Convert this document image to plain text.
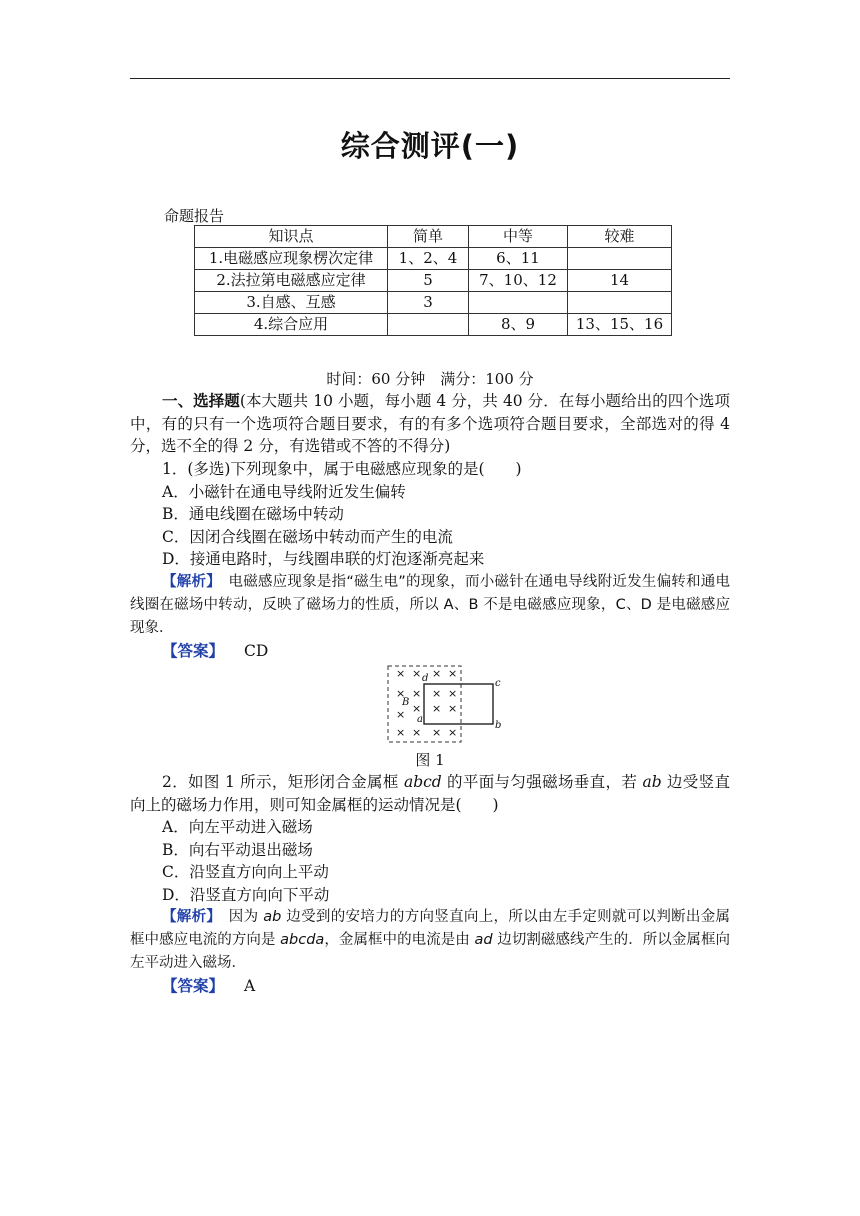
综合测评(一)
命题报告
知识点	简单	中等	较难
1.电磁感应现象楞次定律	1、2、4	6、11	
2.法拉第电磁感应定律	5	7、10、12	14
3.自感、互感	3		
4.综合应用		8、9	13、15、16
时间：60 分钟　满分：100 分
一、选择题(本大题共 10 小题，每小题 4 分，共 40 分．在每小题给出的四个选项中，有的只有一个选项符合题目要求，有的有多个选项符合题目要求，全部选对的得 4 分，选不全的得 2 分，有选错或不答的不得分)
1．(多选)下列现象中，属于电磁感应现象的是(　　)
A．小磁针在通电导线附近发生偏转
B．通电线圈在磁场中转动
C．因闭合线圈在磁场中转动而产生的电流
D．接通电路时，与线圈串联的灯泡逐渐亮起来
【解析】　 电磁感应现象是指“磁生电”的现象，而小磁针在通电导线附近发生偏转和通电线圈在磁场中转动，反映了磁场力的性质，所以 A、B 不是电磁感应现象，C、D 是电磁感应现象．
【答案】 CD
× × × ×
× × × ×
× × ×
×
× × ×
×
d	c
b
a
B
图 1
2．如图 1 所示，矩形闭合金属框 abcd 的平面与匀强磁场垂直，若 ab 边受竖直向上的磁场力作用，则可知金属框的运动情况是(　　)
A．向左平动进入磁场
B．向右平动退出磁场
C．沿竖直方向向上平动
D．沿竖直方向向下平动
【解析】　 因为 ab 边受到的安培力的方向竖直向上，所以由左手定则就可以判断出金属框中感应电流的方向是 abcda，金属框中的电流是由 ad 边切割磁感线产生的．所以金属框向左平动进入磁场．
【答案】 A
